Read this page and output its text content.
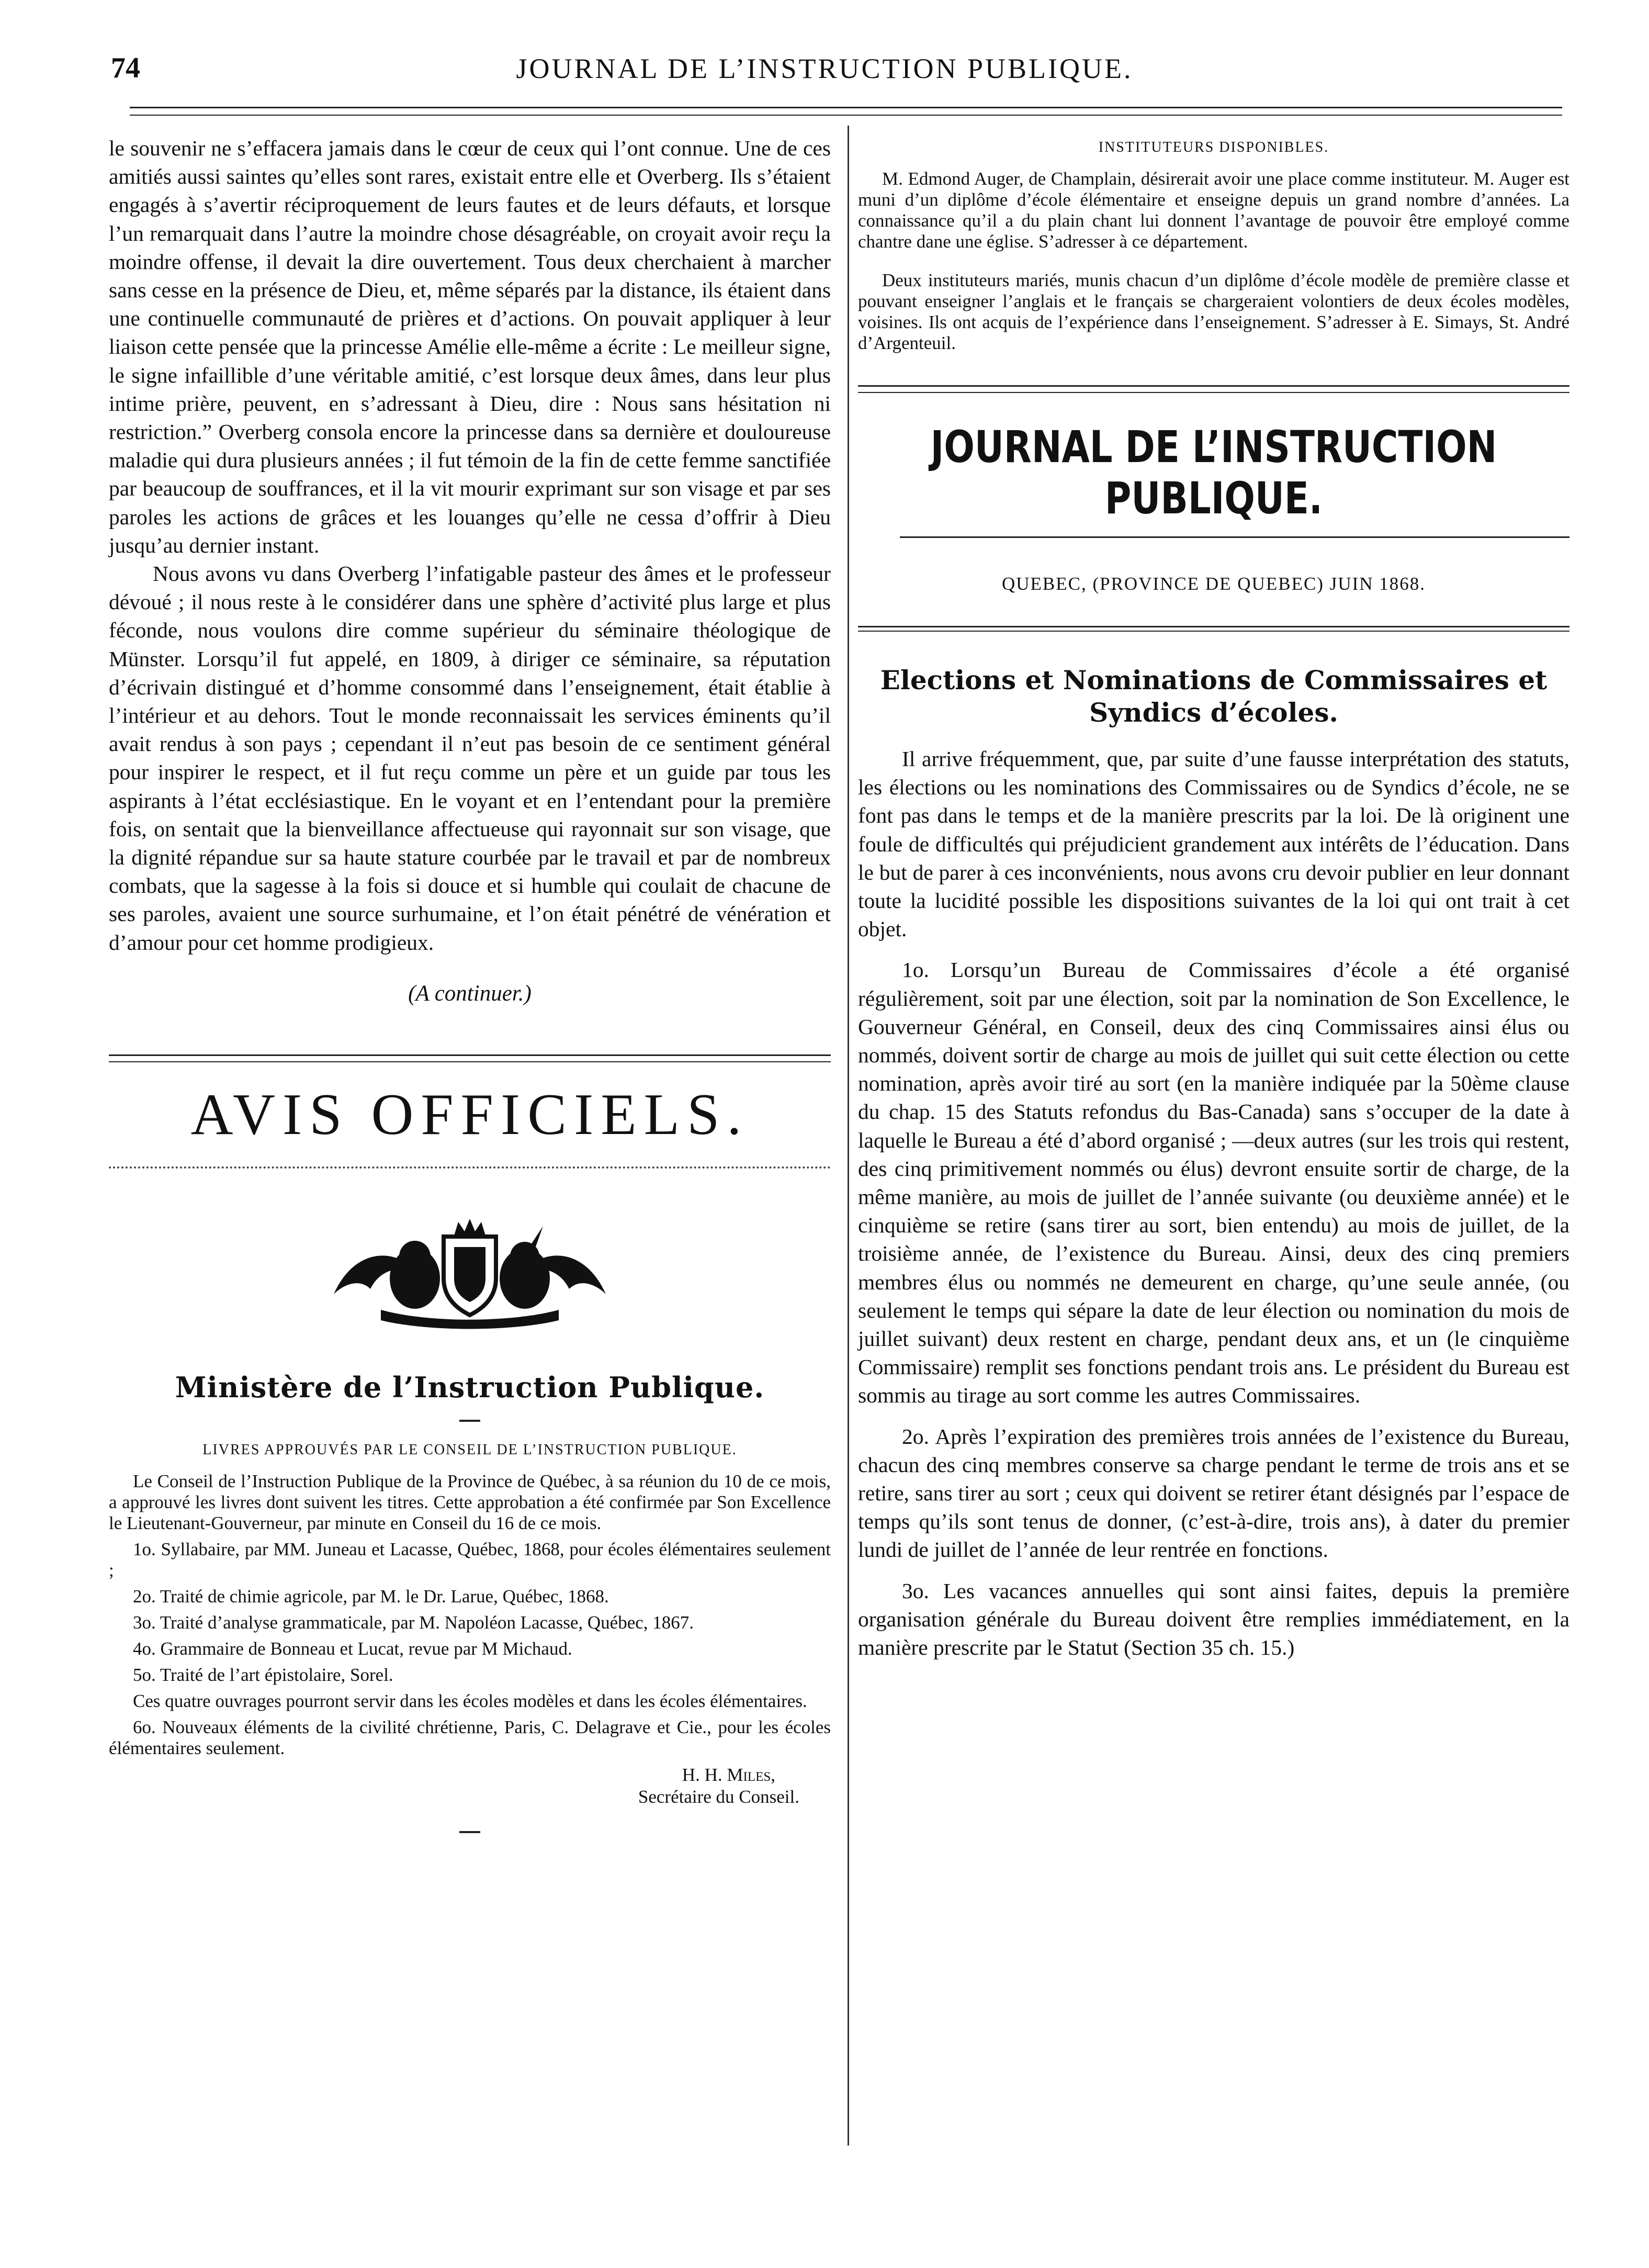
74	JOURNAL DE L’INSTRUCTION PUBLIQUE.

le souvenir ne s’effacera jamais dans le cœur de ceux qui l’ont connue. Une de ces amitiés aussi saintes qu’elles sont rares, existait entre elle et Overberg. Ils s’étaient engagés à s’avertir réciproquement de leurs fautes et de leurs défauts, et lorsque l’un remarquait dans l’autre la moindre chose désagréable, on croyait avoir reçu la moindre offense, il devait la dire ouvertement. Tous deux cherchaient à marcher sans cesse en la présence de Dieu, et, même séparés par la distance, ils étaient dans une continuelle communauté de prières et d’actions. On pouvait appliquer à leur liaison cette pensée que la princesse Amélie elle-même a écrite : Le meilleur signe, le signe infaillible d’une véritable amitié, c’est lorsque deux âmes, dans leur plus intime prière, peuvent, en s’adressant à Dieu, dire : Nous sans hésitation ni restriction.” Overberg consola encore la princesse dans sa dernière et douloureuse maladie qui dura plusieurs années ; il fut témoin de la fin de cette femme sanctifiée par beaucoup de souffrances, et il la vit mourir exprimant sur son visage et par ses paroles les actions de grâces et les louanges qu’elle ne cessa d’offrir à Dieu jusqu’au dernier instant.

Nous avons vu dans Overberg l’infatigable pasteur des âmes et le professeur dévoué ; il nous reste à le considérer dans une sphère d’activité plus large et plus féconde, nous voulons dire comme supérieur du séminaire théologique de Münster. Lorsqu’il fut appelé, en 1809, à diriger ce séminaire, sa réputation d’écrivain distingué et d’homme consommé dans l’enseignement, était établie à l’intérieur et au dehors. Tout le monde reconnaissait les services éminents qu’il avait rendus à son pays ; cependant il n’eut pas besoin de ce sentiment général pour inspirer le respect, et il fut reçu comme un père et un guide par tous les aspirants à l’état ecclésiastique. En le voyant et en l’entendant pour la première fois, on sentait que la bienveillance affectueuse qui rayonnait sur son visage, que la dignité répandue sur sa haute stature courbée par le travail et par de nombreux combats, que la sagesse à la fois si douce et si humble qui coulait de chacune de ses paroles, avaient une source surhumaine, et l’on était pénétré de vénération et d’amour pour cet homme prodigieux.

(A continuer.)
AVIS OFFICIELS.
Ministère de l’Instruction Publique.
LIVRES APPROUVÉS PAR LE CONSEIL DE L’INSTRUCTION PUBLIQUE.

Le Conseil de l’Instruction Publique de la Province de Québec, à sa réunion du 10 de ce mois, a approuvé les livres dont suivent les titres. Cette approbation a été confirmée par Son Excellence le Lieutenant-Gouverneur, par minute en Conseil du 16 de ce mois.

1o. Syllabaire, par MM. Juneau et Lacasse, Québec, 1868, pour écoles élémentaires seulement ;

2o. Traité de chimie agricole, par M. le Dr. Larue, Québec, 1868.

3o. Traité d’analyse grammaticale, par M. Napoléon Lacasse, Québec, 1867.

4o. Grammaire de Bonneau et Lucat, revue par M Michaud.

5o. Traité de l’art épistolaire, Sorel.

Ces quatre ouvrages pourront servir dans les écoles modèles et dans les écoles élémentaires.

6o. Nouveaux éléments de la civilité chrétienne, Paris, C. Delagrave et Cie., pour les écoles élémentaires seulement.

H. H. Miles,
Secrétaire du Conseil.
INSTITUTEURS DISPONIBLES.

M. Edmond Auger, de Champlain, désirerait avoir une place comme instituteur. M. Auger est muni d’un diplôme d’école élémentaire et enseigne depuis un grand nombre d’années. La connaissance qu’il a du plain chant lui donnent l’avantage de pouvoir être employé comme chantre dane une église. S’adresser à ce département.

Deux instituteurs mariés, munis chacun d’un diplôme d’école modèle de première classe et pouvant enseigner l’anglais et le français se chargeraient volontiers de deux écoles modèles, voisines. Ils ont acquis de l’expérience dans l’enseignement. S’adresser à E. Simays, St. André d’Argenteuil.

JOURNAL DE L’INSTRUCTION PUBLIQUE.
QUEBEC, (PROVINCE DE QUEBEC) JUIN 1868.
Elections et Nominations de Commissaires et Syndics d’écoles.

Il arrive fréquemment, que, par suite d’une fausse interprétation des statuts, les élections ou les nominations des Commissaires ou de Syndics d’école, ne se font pas dans le temps et de la manière prescrits par la loi. De là originent une foule de difficultés qui préjudicient grandement aux intérêts de l’éducation. Dans le but de parer à ces inconvénients, nous avons cru devoir publier en leur donnant toute la lucidité possible les dispositions suivantes de la loi qui ont trait à cet objet.

1o. Lorsqu’un Bureau de Commissaires d’école a été organisé régulièrement, soit par une élection, soit par la nomination de Son Excellence, le Gouverneur Général, en Conseil, deux des cinq Commissaires ainsi élus ou nommés, doivent sortir de charge au mois de juillet qui suit cette élection ou cette nomination, après avoir tiré au sort (en la manière indiquée par la 50ème clause du chap. 15 des Statuts refondus du Bas-Canada) sans s’occuper de la date à laquelle le Bureau a été d’abord organisé ; —deux autres (sur les trois qui restent, des cinq primitivement nommés ou élus) devront ensuite sortir de charge, de la même manière, au mois de juillet de l’année suivante (ou deuxième année) et le cinquième se retire (sans tirer au sort, bien entendu) au mois de juillet, de la troisième année, de l’existence du Bureau. Ainsi, deux des cinq premiers membres élus ou nommés ne demeurent en charge, qu’une seule année, (ou seulement le temps qui sépare la date de leur élection ou nomination du mois de juillet suivant) deux restent en charge, pendant deux ans, et un (le cinquième Commissaire) remplit ses fonctions pendant trois ans. Le président du Bureau est sommis au tirage au sort comme les autres Commissaires.

2o. Après l’expiration des premières trois années de l’existence du Bureau, chacun des cinq membres conserve sa charge pendant le terme de trois ans et se retire, sans tirer au sort ; ceux qui doivent se retirer étant désignés par l’espace de temps qu’ils sont tenus de donner, (c’est-à-dire, trois ans), à dater du premier lundi de juillet de l’année de leur rentrée en fonctions.

3o. Les vacances annuelles qui sont ainsi faites, depuis la première organisation générale du Bureau doivent être remplies immédiatement, en la manière prescrite par le Statut (Section 35 ch. 15.)
